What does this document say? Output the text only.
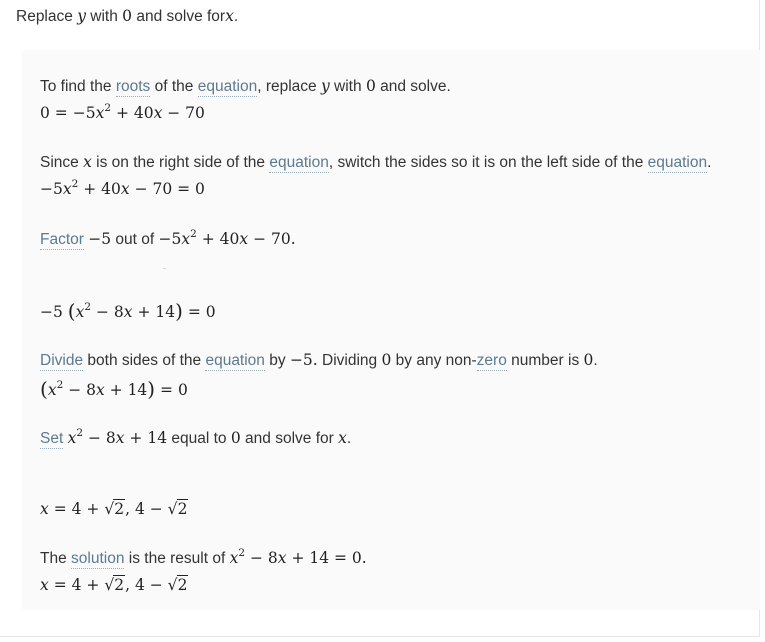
Replace y with 0 and solve forx.
To find the roots of the equation, replace y with 0 and solve.
$0 = -5x^2 + 40x - 70$
Since x is on the right side of the equation, switch the sides so it is on the left side of the equation.
$-5x^2 + 40x - 70 = 0$
Factor −5 out of $-5x^2 + 40x - 70$.
−5 $(x^2 - 8x + 14) = 0$
Divide both sides of the equation by −5. Dividing 0 by any non-zero number is 0.
$(x^2 - 8x + 14) = 0$
Set $x^2 - 8x + 14$ equal to 0 and solve for x.
x = 4 + √2, 4 − √2
The solution is the result of $x^2 - 8x + 14 = 0$.
x = 4 + √2, 4 − √2
